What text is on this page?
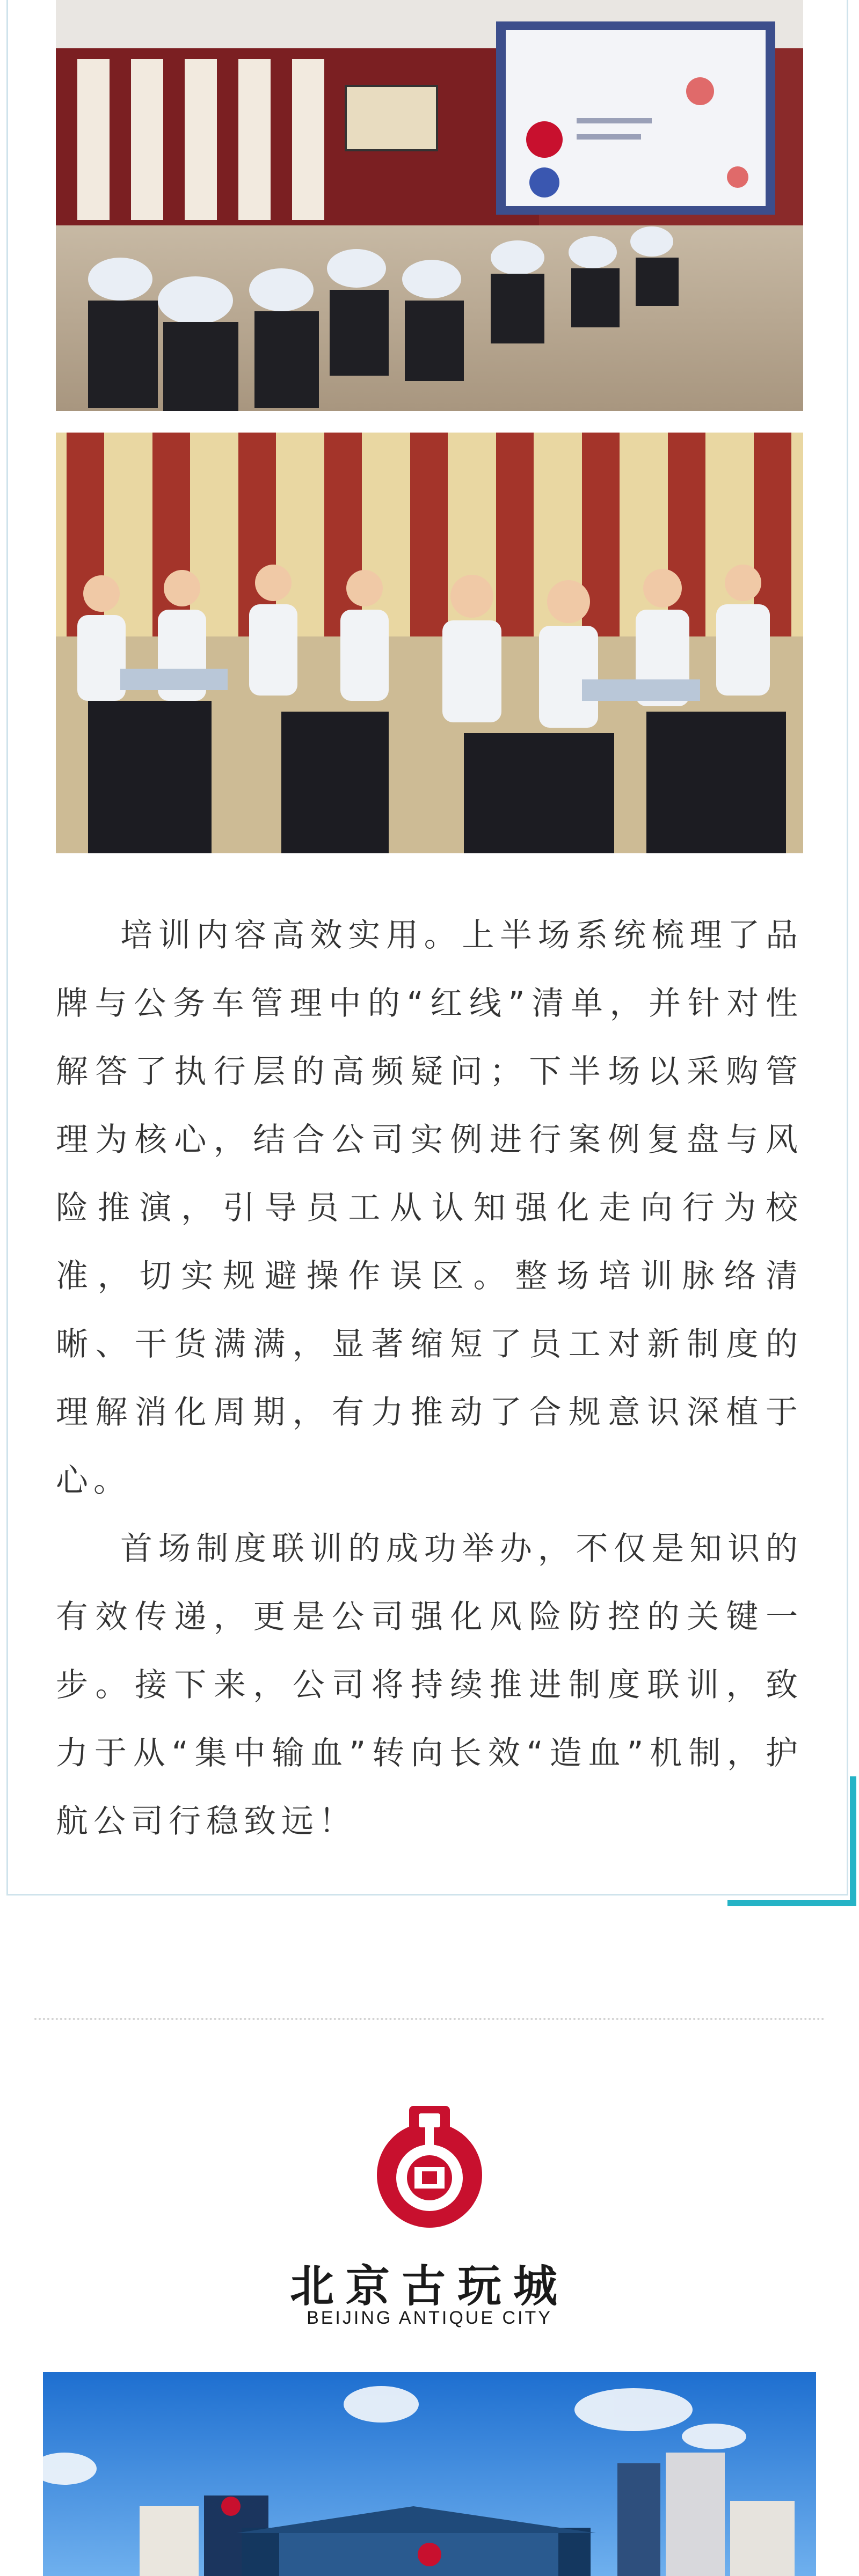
培训内容高效实用。上半场系统梳理了品牌与公务车管理中的“红线”清单，并针对性解答了执行层的高频疑问；下半场以采购管理为核心，结合公司实例进行案例复盘与风险推演，引导员工从认知强化走向行为校准，切实规避操作误区。整场培训脉络清晰、干货满满，显著缩短了员工对新制度的理解消化周期，有力推动了合规意识深植于心。

首场制度联训的成功举办，不仅是知识的有效传递，更是公司强化风险防控的关键一步。接下来，公司将持续推进制度联训，致力于从“集中输血”转向长效“造血”机制，护航公司行稳致远！

北京古玩城
BEIJING ANTIQUE CITY
